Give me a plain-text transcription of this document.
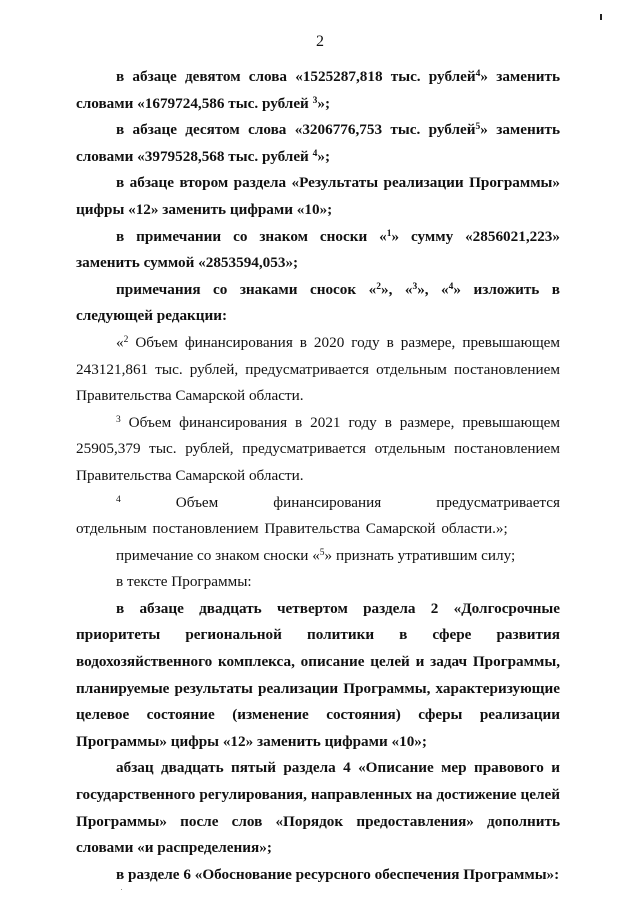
2

в абзаце девятом слова «1525287,818 тыс. рублей$^4$» заменить словами «1679724,586 тыс. рублей $^3$»;

в абзаце десятом слова «3206776,753 тыс. рублей$^5$» заменить словами «3979528,568 тыс. рублей $^4$»;

в абзаце втором раздела «Результаты реализации Программы» цифры «12» заменить цифрами «10»;

в примечании со знаком сноски «$^1$» сумму «2856021,223» заменить суммой «2853594,053»;

примечания со знаками сносок «$^2$», «$^3$», «$^4$» изложить в следующей редакции:

«$^2$ Объем финансирования в 2020 году в размере, превышающем 243121,861 тыс. рублей, предусматривается отдельным постановлением Правительства Самарской области.

$^3$ Объем финансирования в 2021 году в размере, превышающем 25905,379 тыс. рублей, предусматривается отдельным постановлением Правительства Самарской области.

$^4$      Объем      финансирования      предусматривается      отдельным постановлением Правительства Самарской области.»;

примечание со знаком сноски «$^5$» признать утратившим силу;

в тексте Программы:

в абзаце двадцать четвертом раздела 2 «Долгосрочные приоритеты региональной политики в сфере развития водохозяйственного комплекса, описание целей и задач Программы, планируемые результаты реализации Программы, характеризующие целевое состояние (изменение состояния) сферы реализации Программы» цифры «12» заменить цифрами «10»;

абзац двадцать пятый раздела 4 «Описание мер правового и государственного регулирования, направленных на достижение целей Программы» после слов «Порядок предоставления» дополнить словами «и распределения»;

в разделе 6 «Обоснование ресурсного обеспечения Программы»:
